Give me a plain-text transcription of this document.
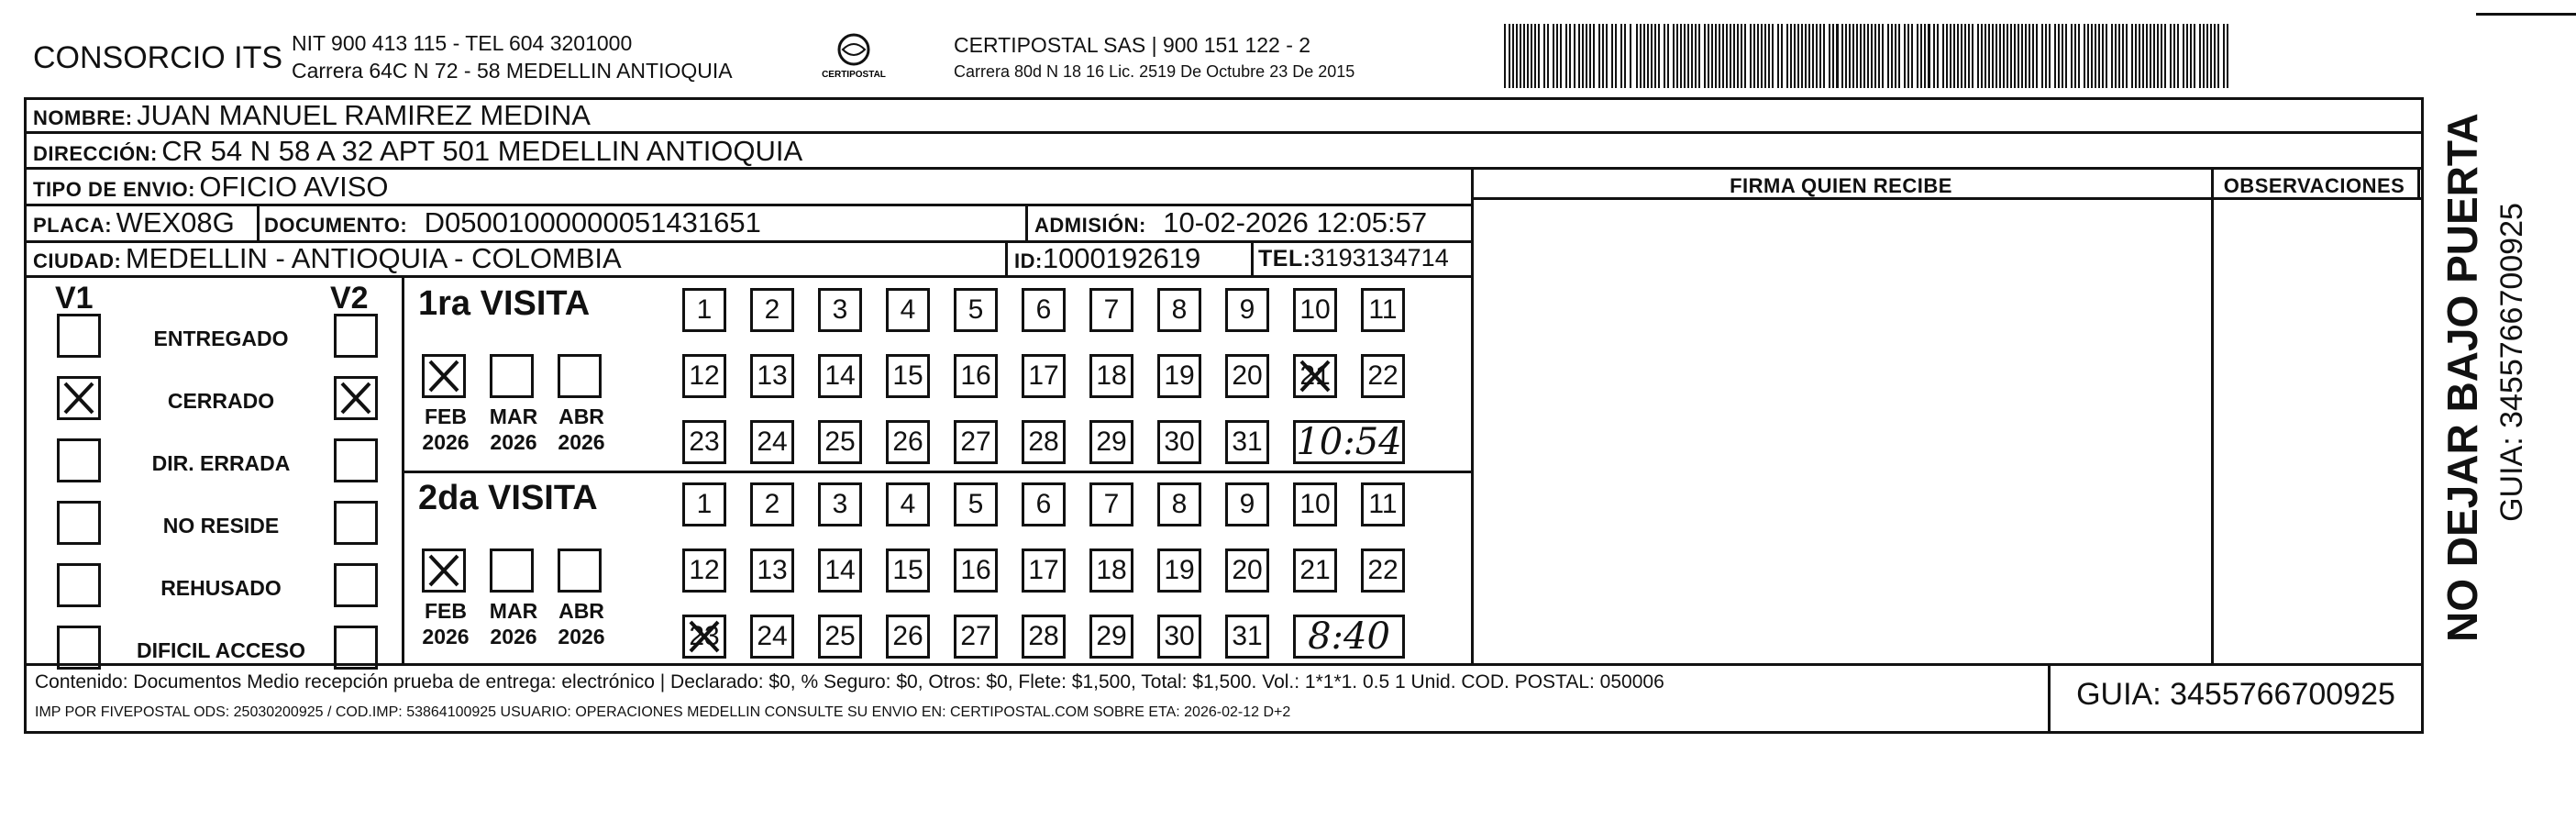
CONSORCIO ITS NIT 900 413 115 - TEL 604 3201000
Carrera 64C N 72 - 58 MEDELLIN ANTIOQUIA	CERTIPOSTAL
CERTIPOSTAL SAS | 900 151 122 - 2
Carrera 80d N 18 16 Lic. 2519 De Octubre 23 De 2015
NOMBRE: JUAN MANUEL RAMIREZ MEDINA
DIRECCIÓN: CR 54 N 58 A 32 APT 501 MEDELLIN ANTIOQUIA
TIPO DE ENVIO: OFICIO AVISO	FIRMA QUIEN RECIBE	OBSERVACIONES
PLACA: WEX08G DOCUMENTO: D05001000000051431651	ADMISIÓN: 10-02-2026 12:05:57
CIUDAD: MEDELLIN - ANTIOQUIA - COLOMBIA	ID:1000192619	TEL:3193134714
V1	V2
ENTREGADO
CERRADO
DIR. ERRADA
NO RESIDE
REHUSADO
DIFICIL ACCESO
1ra VISITA
FEB
2026
MAR
2026
ABR
2026
1 2 3 4 5 6 7 8 9 10 11
12 13 14 15 16 17 18 19 20 21 22
23 24 25 26 27 28 29 30 31 10:54
2da VISITA
FEB
2026
MAR
2026
ABR
2026
1 2 3 4 5 6 7 8 9 10 11
12 13 14 15 16 17 18 19 20 21 22
23 24 25 26 27 28 29 30 31	8:40
Contenido: Documentos Medio recepción prueba de entrega: electrónico | Declarado: $0, % Seguro: $0, Otros: $0, Flete: $1,500, Total: $1,500. Vol.: 1*1*1. 0.5 1 Unid. COD. POSTAL: 050006
IMP POR FIVEPOSTAL ODS: 25030200925 / COD.IMP: 53864100925 USUARIO: OPERACIONES MEDELLIN CONSULTE SU ENVIO EN: CERTIPOSTAL.COM SOBRE ETA: 2026-02-12 D+2
GUIA: 3455766700925
NO DEJAR BAJO PUERTA GUIA: 3455766700925
